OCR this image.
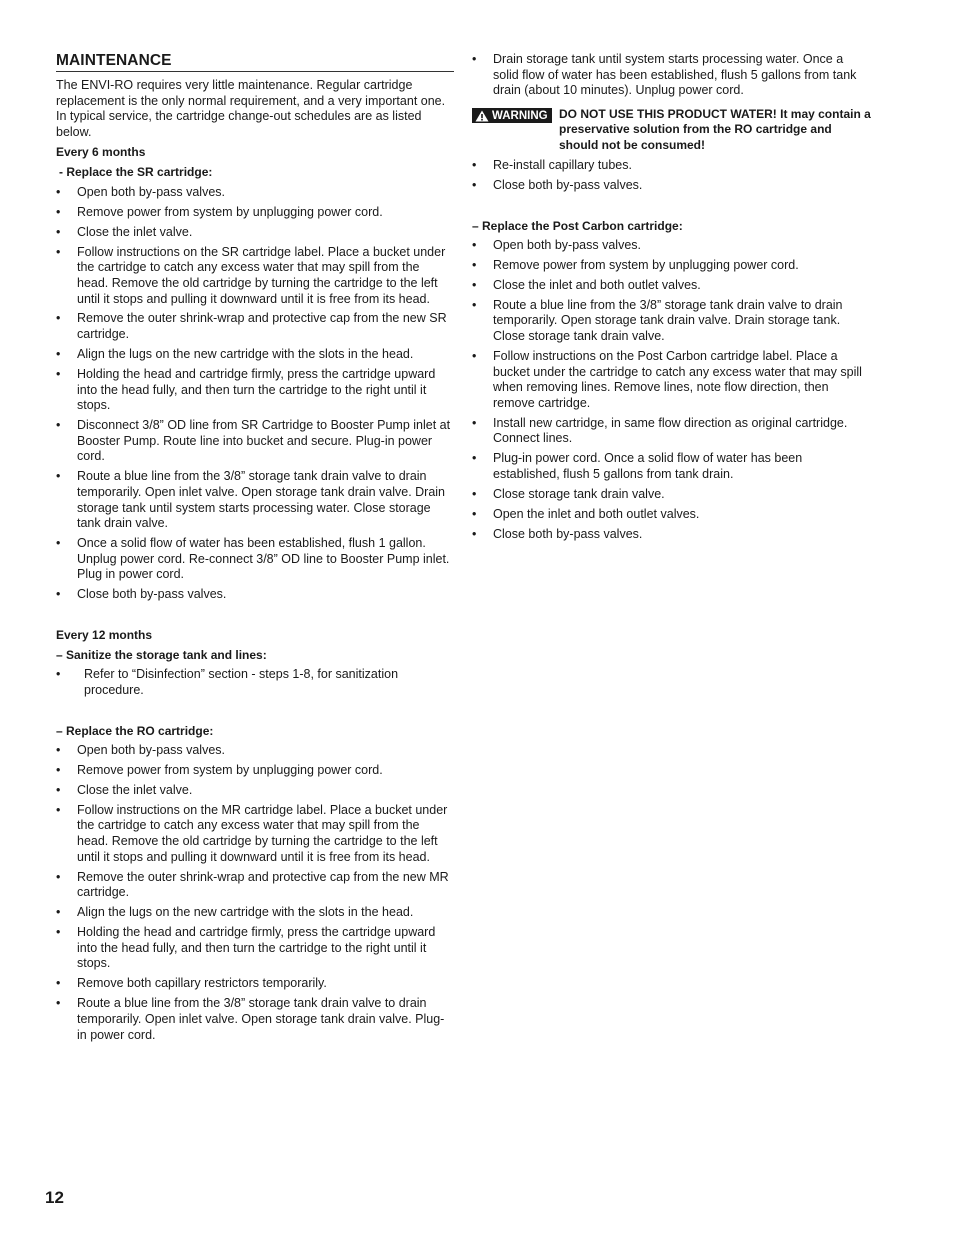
MAINTENANCE

The ENVI-RO requires very little maintenance. Regular cartridge replacement is the only normal requirement, and a very important one. In typical service, the cartridge change-out schedules are as listed below.

Every 6 months
- Replace the SR cartridge:
• Open both by-pass valves.
• Remove power from system by unplugging power cord.
• Close the inlet valve.
• Follow instructions on the SR cartridge label. Place a bucket under the cartridge to catch any excess water that may spill from the head. Remove the old cartridge by turning the cartridge to the left until it stops and pulling it downward until it is free from its head.
• Remove the outer shrink-wrap and protective cap from the new SR cartridge.
• Align the lugs on the new cartridge with the slots in the head.
• Holding the head and cartridge firmly, press the cartridge upward into the head fully, and then turn the cartridge to the right until it stops.
• Disconnect 3/8” OD line from SR Cartridge to Booster Pump inlet at Booster Pump. Route line into bucket and secure. Plug-in power cord.
• Route a blue line from the 3/8” storage tank drain valve to drain temporarily. Open inlet valve. Open storage tank drain valve. Drain storage tank until system starts processing water. Close storage tank drain valve.
• Once a solid flow of water has been established, flush 1 gallon. Unplug power cord. Re-connect 3/8” OD line to Booster Pump inlet. Plug in power cord.
• Close both by-pass valves.
Every 12 months
– Sanitize the storage tank and lines:
• Refer to “Disinfection” section - steps 1-8, for sanitization procedure.
– Replace the RO cartridge:
• Open both by-pass valves.
• Remove power from system by unplugging power cord.
• Close the inlet valve.
• Follow instructions on the MR cartridge label. Place a bucket under the cartridge to catch any excess water that may spill from the head. Remove the old cartridge by turning the cartridge to the left until it stops and pulling it downward until it is free from its head.
• Remove the outer shrink-wrap and protective cap from the new MR cartridge.
• Align the lugs on the new cartridge with the slots in the head.
• Holding the head and cartridge firmly, press the cartridge upward into the head fully, and then turn the cartridge to the right until it stops.
• Remove both capillary restrictors temporarily.
• Route a blue line from the 3/8” storage tank drain valve to drain temporarily. Open inlet valve. Open storage tank drain valve. Plug-in power cord.
• Drain storage tank until system starts processing water. Once a solid flow of water has been established, flush 5 gallons from tank drain (about 10 minutes). Unplug power cord.
WARNING DO NOT USE THIS PRODUCT WATER! It may contain a preservative solution from the RO cartridge and should not be consumed!
• Re-install capillary tubes.
• Close both by-pass valves.
– Replace the Post Carbon cartridge:
• Open both by-pass valves.
• Remove power from system by unplugging power cord.
• Close the inlet and both outlet valves.
• Route a blue line from the 3/8” storage tank drain valve to drain temporarily. Open storage tank drain valve. Drain storage tank. Close storage tank drain valve.
• Follow instructions on the Post Carbon cartridge label. Place a bucket under the cartridge to catch any excess water that may spill when removing lines. Remove lines, note flow direction, then remove cartridge.
• Install new cartridge, in same flow direction as original cartridge. Connect lines.
• Plug-in power cord. Once a solid flow of water has been established, flush 5 gallons from tank drain.
• Close storage tank drain valve.
• Open the inlet and both outlet valves.
• Close both by-pass valves.
12
